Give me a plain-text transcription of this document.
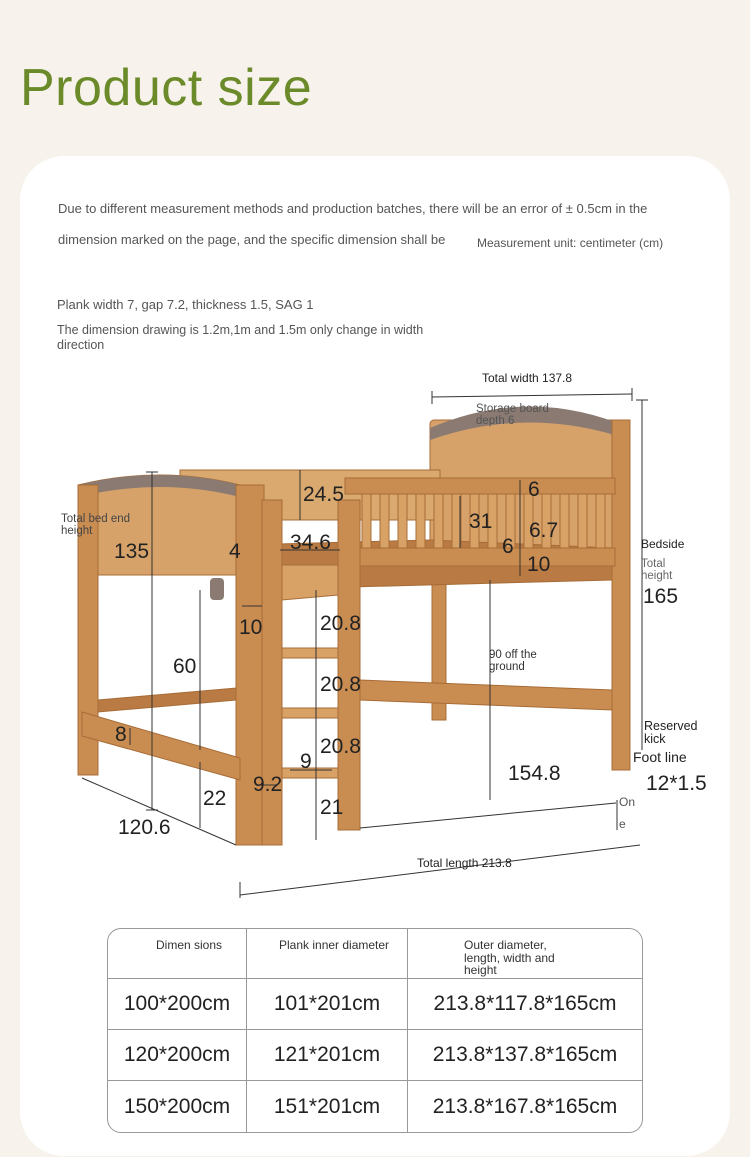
Product size
Due to different measurement methods and production batches, there will be an error of ± 0.5cm in the
dimension marked on the page, and the specific dimension shall be	Measurement unit: centimeter (cm)
Plank width 7, gap 7.2, thickness 1.5, SAG 1
The dimension drawing is 1.2m,1m and 1.5m only change in width direction
Total width 137.8
Storage board depth 6
Total bed end height
135	4
24.5
34.6
6
31 6.7
6
10
Bedside
Total height
165
10	20.8
60	90 off the ground
20.8
Reserved kick
8
20.8	Foot line
9
154.8	12*1.5
9.2
22	On
21
e
120.6
Total length 213.8
Dimen sions	Plank inner diameter	Outer diameter, length, width and height
100*200cm	101*201cm	213.8*117.8*165cm
120*200cm	121*201cm	213.8*137.8*165cm
150*200cm	151*201cm	213.8*167.8*165cm
